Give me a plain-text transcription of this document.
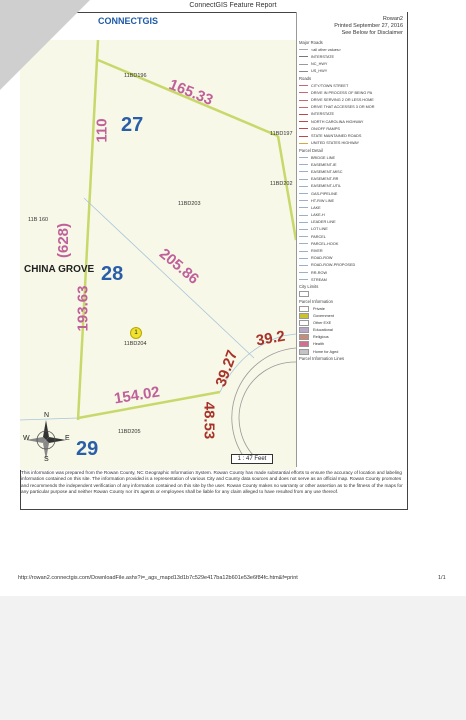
ConnectGIS Feature Report
CONNECTGIS
27
28
29
CHINA GROVE
165.33
110
(628)
193.63
205.86
154.02
39.2
39.27
48.53
11BD196
11BD197
11BD202
11BD203
11B 160
11BD204
11BD205
1
N
S
W	E
1 : 47 Feet
Rowan2
Printed September 27, 2016
See Below for Disclaimer
Major Roads
<all other values>
INTERSTATE
NC_HWY
US_HWY
Roads
CITY/TOWN STREET
DRIVE IN PROCESS OF BEING PA
DRIVE SERVING 2 OR LESS HOME
DRIVE THAT ACCESSES 3 OR MOR
INTERSTATE
NORTH CAROLINA HIGHWAY
ON/OFF RAMPS
STATE MAINTAINED ROADS
UNITED STATES HIGHWAY
Parcel Detail
BRIDGE LINE
EASEMENT-IE
EASEMENT-MISC
EASEMENT-RR
EASEMENT-UTIL
GAS-PIPELINE
HT-R/W LINE
LAKE
LAKE-H
LEADER LINE
LOT LINE
PARCEL
PARCEL-HOOK
RIVER
ROAD-ROW
ROAD-ROW-PROPOSED
RR-ROW
STREAM
City Limits
Parcel Information
Private
Government
Other EXE
Educational
Religious
Health
Home for Aged
Parcel Information Lines
This information was prepared from the Rowan County, NC Geographic Information System. Rowan County has made substantial efforts to ensure the accuracy of location and labeling information contained on this site. The information provided is a representation of various City and County data sources and does not serve as an official map. Rowan County promotes and recommends the independent verification of any information contained on this site by the user. Rowan County makes no warranty or other assertion as to the fitness of the maps for any particular purpose and neither Rowan County nor it's agents or employees shall be liable for any claim alleged to have resulted from any use thereof.
http://rowan2.connectgis.com/DownloadFile.ashx?i=_ags_mapd13d1b7c529e417ba12b601e53e6f84fc.htm&f=print	1/1
